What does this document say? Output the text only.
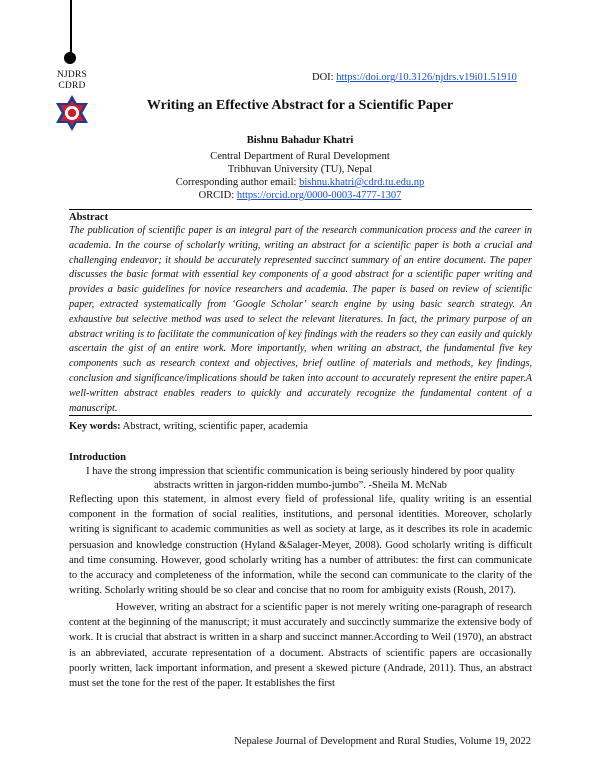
NJDRS
CDRD
DOI: https://doi.org/10.3126/njdrs.v19i01.51910
Writing an Effective Abstract for a Scientific Paper
Bishnu Bahadur Khatri
Central Department of Rural Development
Tribhuvan University (TU), Nepal
Corresponding author email: bishnu.khatri@cdrd.tu.edu.np
ORCID: https://orcid.org/0000-0003-4777-1307
Abstract
The publication of scientific paper is an integral part of the research communication process and the career in academia. In the course of scholarly writing, writing an abstract for a scientific paper is both a crucial and challenging endeavor; it should be accurately represented succinct summary of an entire document. The paper discusses the basic format with essential key components of a good abstract for a scientific paper writing and provides a basic guidelines for novice researchers and academia. The paper is based on review of scientific paper, extracted systematically from ‘Google Scholar’ search engine by using basic search strategy. An exhaustive but selective method was used to select the relevant literatures. In fact, the primary purpose of an abstract writing is to facilitate the communication of key findings with the readers so they can easily and quickly ascertain the gist of an entire work. More importantly, when writing an abstract, the fundamental five key components such as research context and objectives, brief outline of materials and methods, key findings, conclusion and significance/implications should be taken into account to accurately represent the entire paper.A well-written abstract enables readers to quickly and accurately recognize the fundamental content of a manuscript.
Key words: Abstract, writing, scientific paper, academia
Introduction
I have the strong impression that scientific communication is being seriously hindered by poor quality
abstracts written in jargon-ridden mumbo-jumbo”. -Sheila M. McNab
Reflecting upon this statement, in almost every field of professional life, quality writing is an essential component in the formation of social realities, institutions, and personal identities. Moreover, scholarly writing is significant to academic communities as well as society at large, as it describes its role in academic persuasion and knowledge construction (Hyland &Salager-Meyer, 2008). Good scholarly writing is difficult and time consuming. However, good scholarly writing has a number of attributes: the first can communicate to the accuracy and completeness of the information, while the second can communicate to the clarity of the writing. Scholarly writing should be so clear and concise that no room for ambiguity exists (Roush, 2017).
However, writing an abstract for a scientific paper is not merely writing one-paragraph of research content at the beginning of the manuscript; it must accurately and succinctly summarize the extensive body of work. It is crucial that abstract is written in a sharp and succinct manner.According to Weil (1970), an abstract is an abbreviated, accurate representation of a document. Abstracts of scientific papers are occasionally poorly written, lack important information, and present a skewed picture (Andrade, 2011). Thus, an abstract must set the tone for the rest of the paper. It establishes the first
Nepalese Journal of Development and Rural Studies, Volume 19, 2022
